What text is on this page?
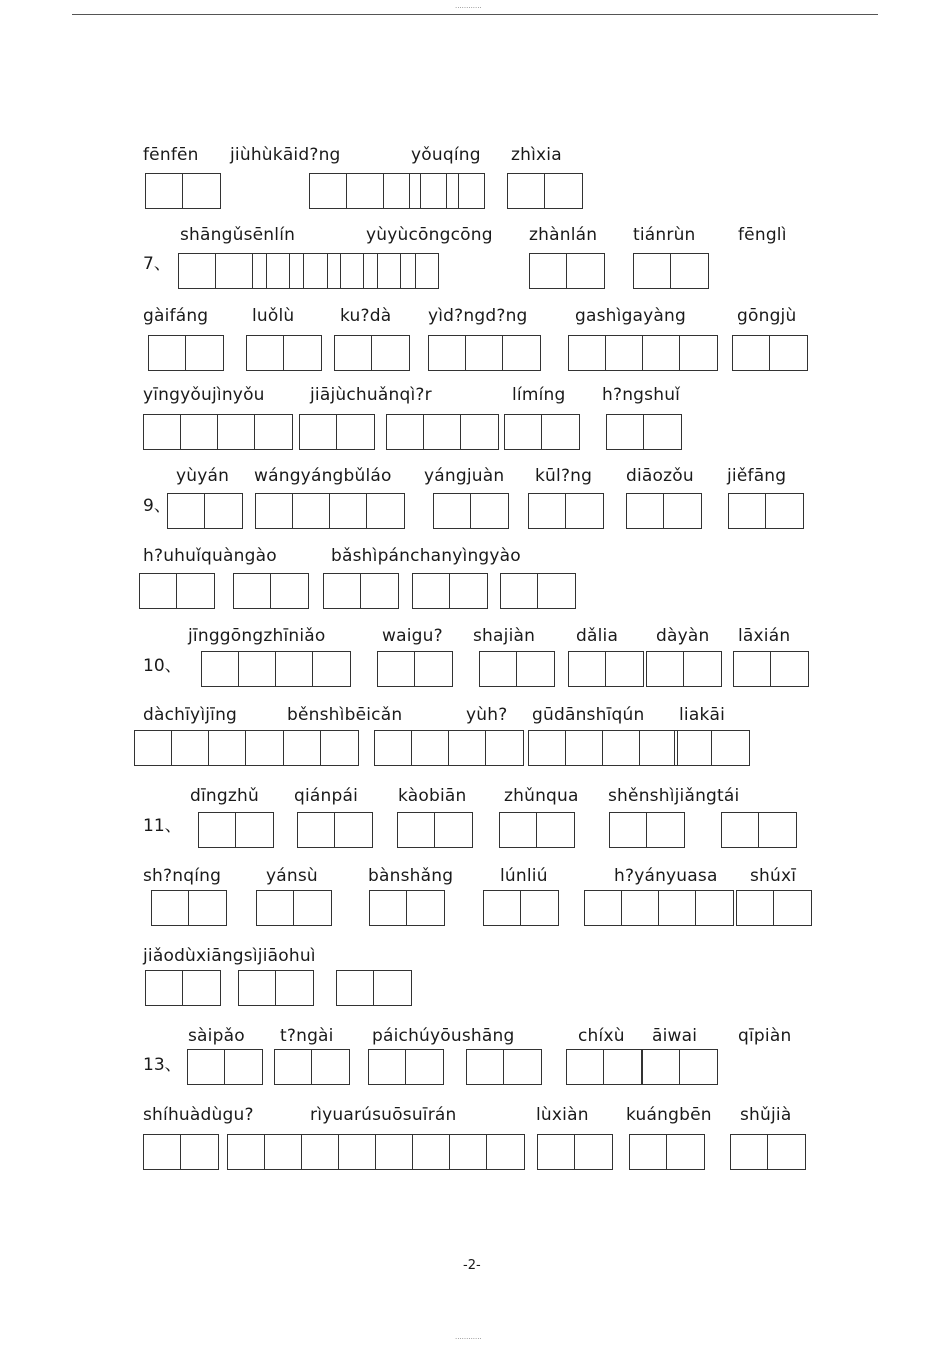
............
fēnfēn jiùhùkāid?ng	yǒuqíng zhìxia
7、
shāngǔsēnlín	yùyùcōngcōng zhànlán tiánrùn fēnglì
gàifáng	luǒlù	ku?dà yìd?ngd?ng	gashìgayàng	gōngjù
yīngyǒujìnyǒu	jiājùchuǎnqì?r	límíng h?ngshuǐ
9、
yùyán wángyángbǔláo yángjuàn kūl?ng diāozǒu jiěfāng
h?uhuǐquàngào	bǎshìpánchanyìngyào
10、
jīnggōngzhīniǎo	waigu? shajiàn dǎlia dàyàn lāxián
dàchīyìjīng	běnshìbēicǎn	yùh? gūdānshīqún liakāi
11、
dīngzhǔ qiánpái kàobiān zhǔnqua shěnshìjiǎngtái
sh?nqíng	yánsù	bànshǎng	lúnliú	h?yányuasa shúxī
jiǎodùxiāngsìjiāohuì
13、
sàipǎo t?ngài páichúyōushāng	chíxù āiwai qīpiàn
shíhuàdùgu?	rìyuarúsuōsuīrán	lùxiàn kuángbēn shǔjià
-2-
............
